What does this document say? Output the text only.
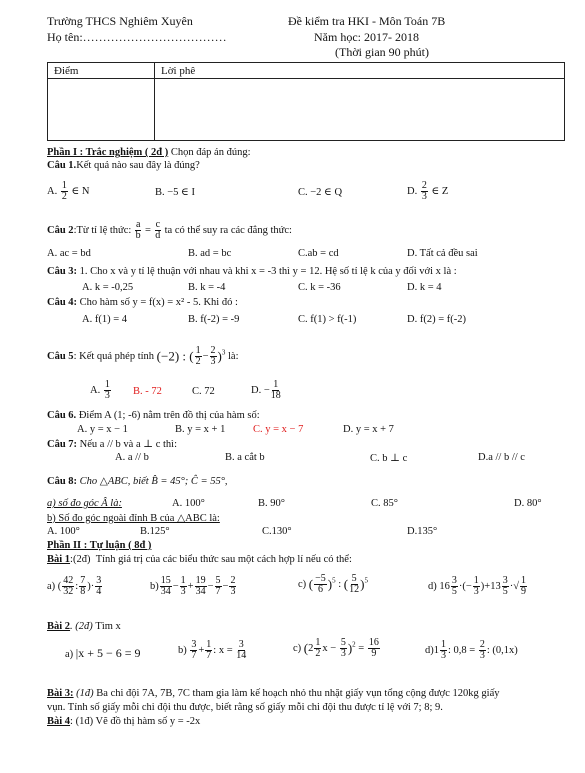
Trường THCS Nghiêm Xuyên	Đề kiểm tra HKI - Môn Toán 7B
Họ tên:………………………………	Năm học: 2017- 2018
(Thời gian 90 phút)
Điểm	Lời phê

Phần I : Trắc nghiệm ( 2đ ) Chọn đáp án đúng:
Câu 1.Kết quả nào sau đây là đúng?
A. $\frac{1}{2}$ ∈ N	B. −5 ∈ I	C. −2 ∈ Q	D. $\frac{2}{3}$ ∈ Z
Câu 2:Từ tỉ lệ thức: $\frac{a}{b} = \frac{c}{d}$ ta có thể suy ra các đẳng thức:
A. ac = bd	B. ad = bc	C.ab = cd	D. Tất cả đều sai
Câu 3: 1. Cho x và y tỉ lệ thuận với nhau và khi x = -3 thì y = 12. Hệ số tỉ lệ k của y đối với x là :
A. k = -0,25	B. k = -4	C. k = -36	D. k = 4
Câu 4: Cho hàm số y = f(x) = x² - 5. Khi đó :
A. f(1) = 4	B. f(-2) = -9	C. f(1) > f(-1)	D. f(2) = f(-2)
Câu 5: Kết quả phép tính (−2) : ( $\frac{1}{2} - \frac{2}{3} )^3$ là:
A. $\frac{1}{3} B$. - 72	C. 72	D. − $\frac{1}{18}$
Câu 6. Điểm A (1; -6) nằm trên đồ thị của hàm số:
A. y = x − 1	B. y = x + 1	C. y = x − 7	D. y = x + 7
Câu 7: Nếu a // b và a ⊥ c thì:
A. a // b	B. a cắt b	C. b ⊥ c	D.a // b // c
Câu 8: Cho △ABC, biết B̂ = 45°; Ĉ = 55°,
a) số đo góc Â là:	A. 100°	B. 90°	C. 85°	D. 80°
b) Số đo góc ngoài đỉnh B của △ABC là:
A. 100°	B.125°	C.130°	D.135°
Phần II : Tự luận ( 8đ )
Bài 1:(2đ) Tính giá trị của các biểu thức sau một cách hợp lí nếu có thể:
a) ( $\frac{42}{32}$ : $\frac{7}{8}$ )· $\frac{3}{4}$	$b) \frac{15}{34} - \frac{1}{3} + \frac{19}{34} - \frac{5}{7} - \frac{2}{3}$	c) ( $\frac{-5}{6} )^5$ : ( $\frac{5}{12} )^5$
d) $16 \frac{3}{5}$ ·(− $\frac{1}{3} )+13 \frac{3}{5}$ ·√ $\frac{1}{9}$
Bài 2. (2đ) Tìm x
a) |x + 5 − 6 = 9	$b) \frac{3}{7} + \frac{1}{7}$ : $x = \frac{3}{14}$	c) ($2 \frac{1}{2}$ $x - \frac{5}{3} )^2 = \frac{16}{9}$	$d)1 \frac{1}{3}$ : $0,8 = \frac{2}{3}$ : (0,1x)
Bài 3: (1đ) Ba chi đội 7A, 7B, 7C tham gia làm kế hoạch nhỏ thu nhặt giấy vụn tổng cộng được 120kg giấy
vụn. Tính số giấy mỗi chi đội thu được, biết rằng số giấy mỗi chi đội thu được tỉ lệ với 7; 8; 9.
Bài 4: (1đ) Vẽ đồ thị hàm số y = -2x
